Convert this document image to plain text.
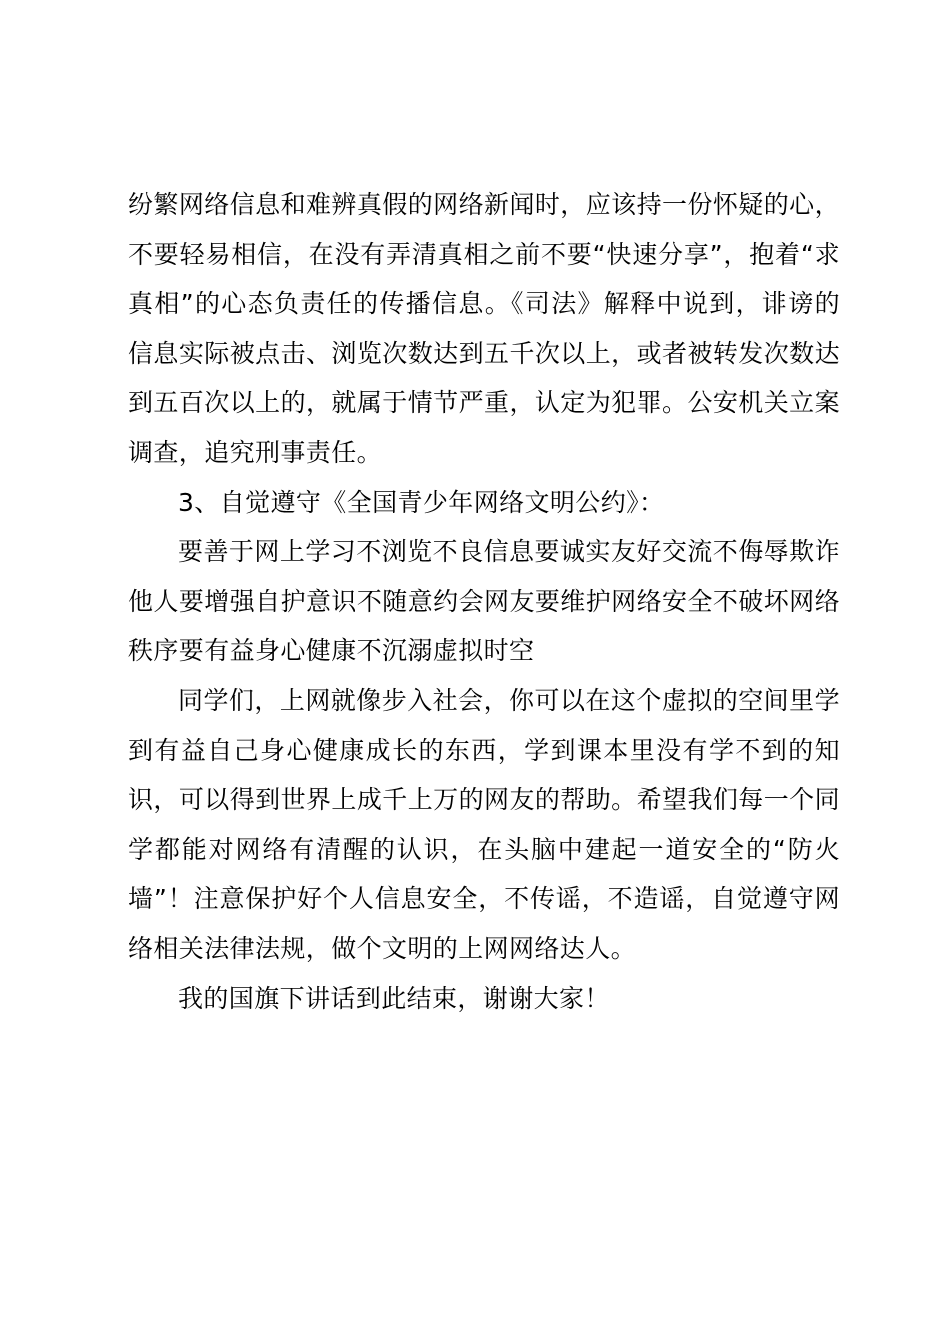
纷繁网络信息和难辨真假的网络新闻时，应该持一份怀疑的心，不要轻易相信，在没有弄清真相之前不要“快速分享”，抱着“求真相”的心态负责任的传播信息。《司法》解释中说到，诽谤的信息实际被点击、浏览次数达到五千次以上，或者被转发次数达到五百次以上的，就属于情节严重，认定为犯罪。公安机关立案调查，追究刑事责任。

3、自觉遵守《全国青少年网络文明公约》：

要善于网上学习不浏览不良信息要诚实友好交流不侮辱欺诈他人要增强自护意识不随意约会网友要维护网络安全不破坏网络秩序要有益身心健康不沉溺虚拟时空

同学们，上网就像步入社会，你可以在这个虚拟的空间里学到有益自己身心健康成长的东西，学到课本里没有学不到的知识，可以得到世界上成千上万的网友的帮助。希望我们每一个同学都能对网络有清醒的认识，在头脑中建起一道安全的“防火墙”！注意保护好个人信息安全，不传谣，不造谣，自觉遵守网络相关法律法规，做个文明的上网网络达人。

我的国旗下讲话到此结束，谢谢大家！
